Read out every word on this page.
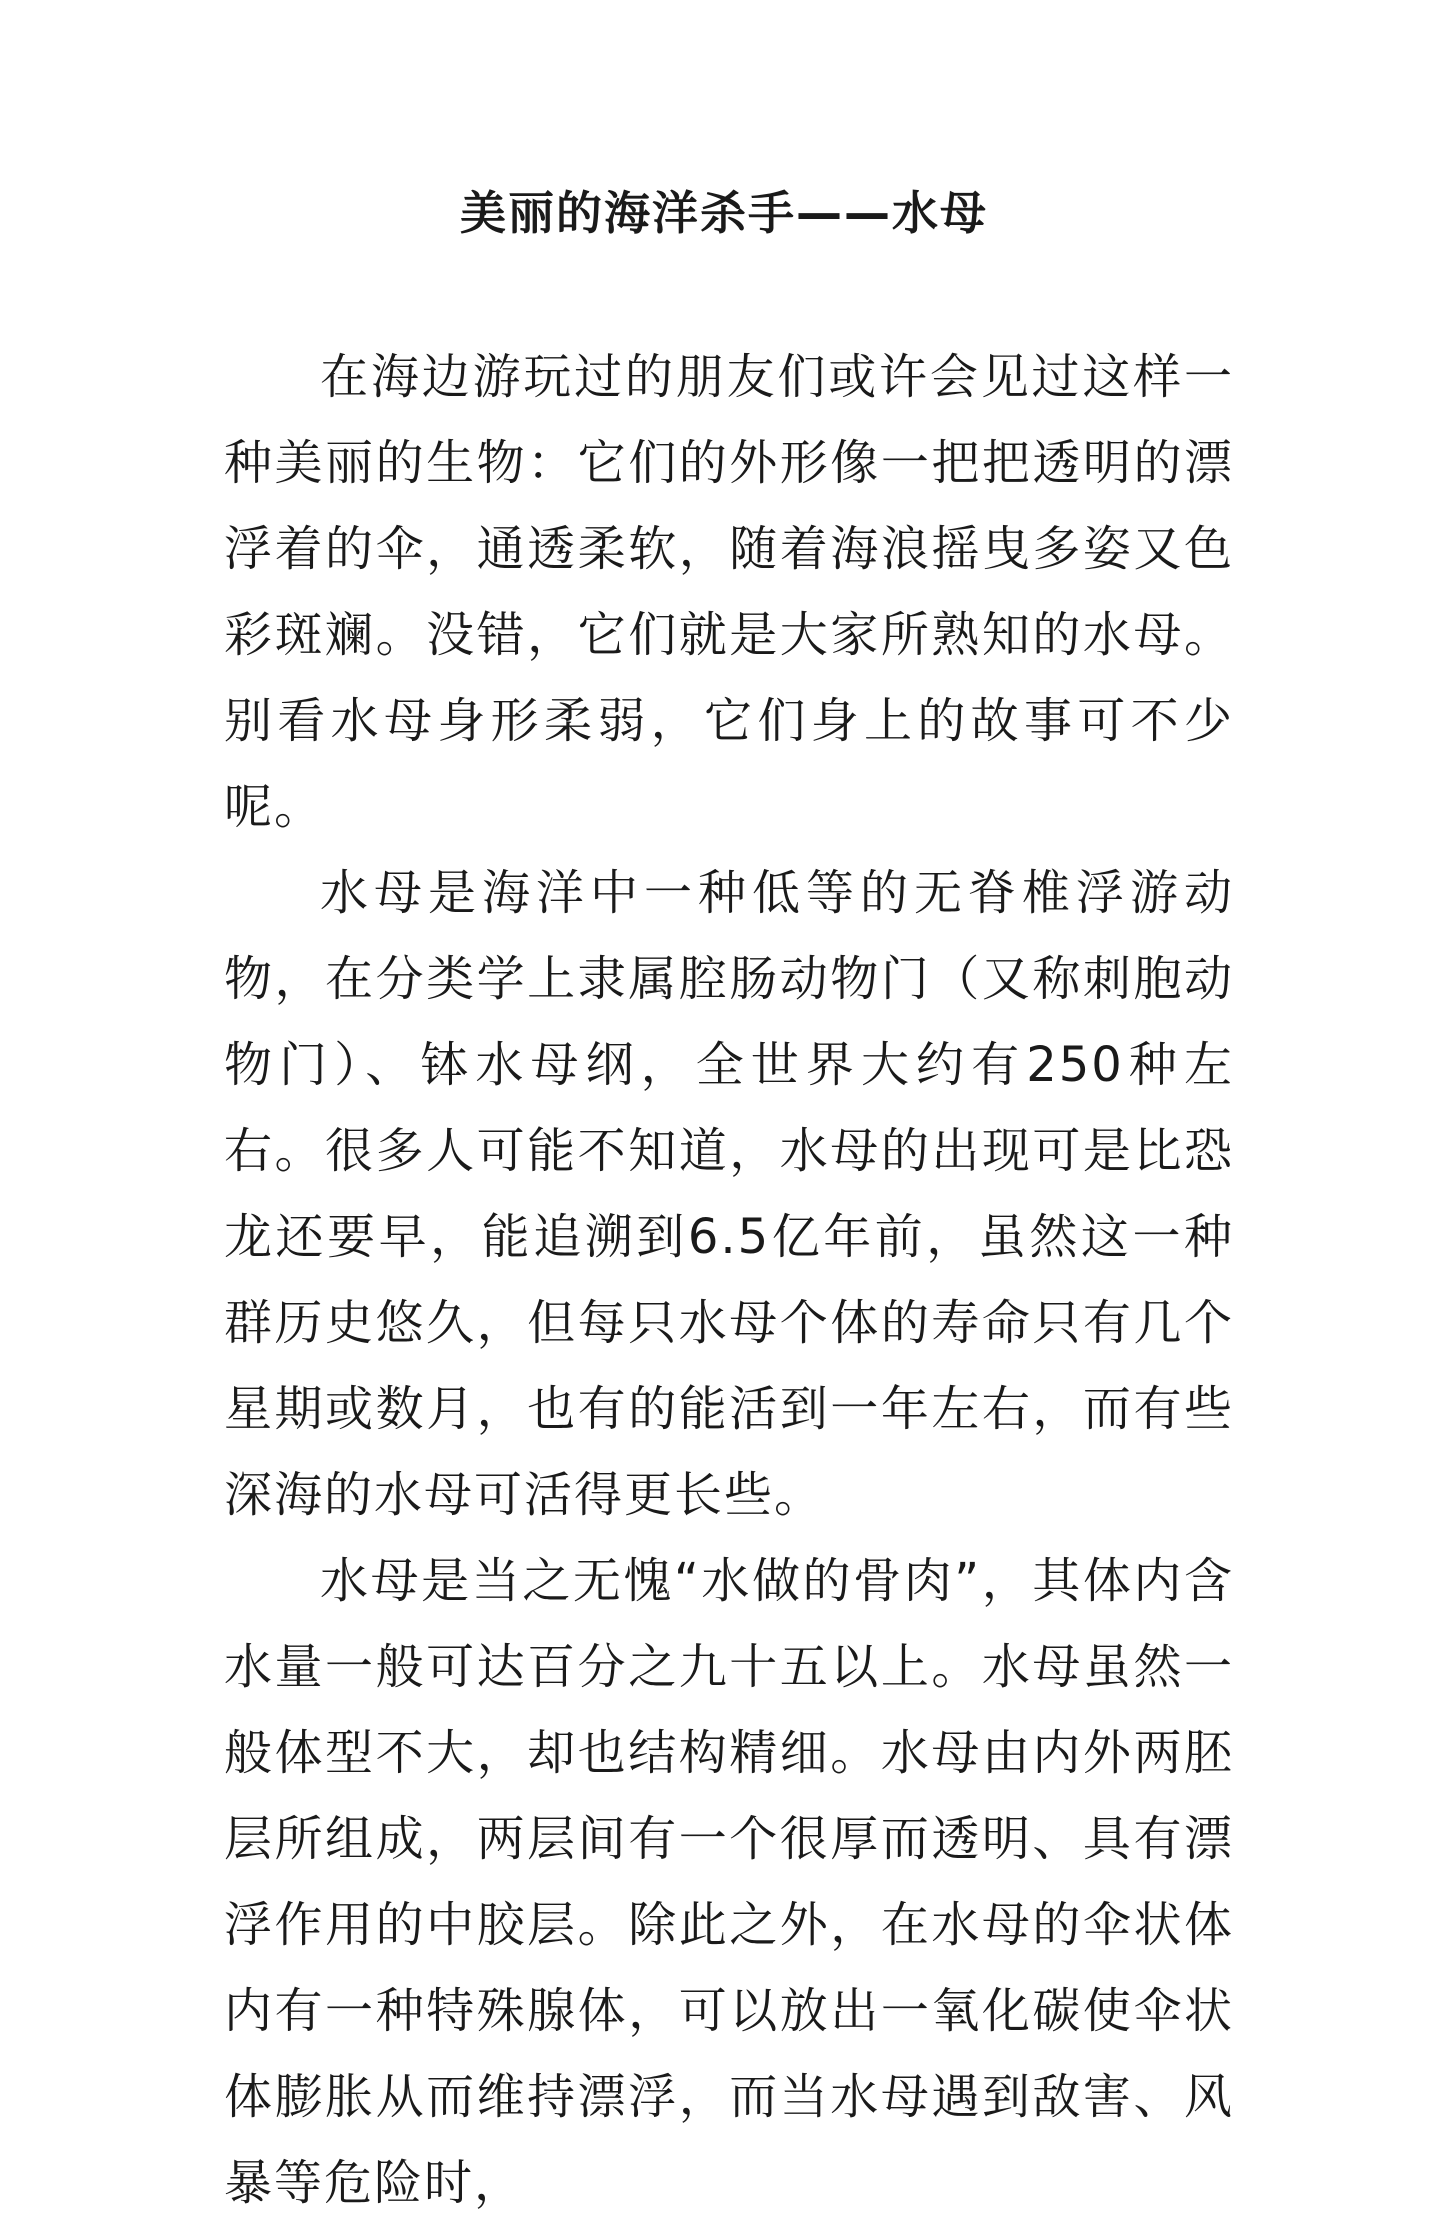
美丽的海洋杀手——水母

在海边游玩过的朋友们或许会见过这样一种美丽的生物：它们的外形像一把把透明的漂浮着的伞，通透柔软，随着海浪摇曳多姿又色彩斑斓。没错，它们就是大家所熟知的水母。别看水母身形柔弱，它们身上的故事可不少呢。

水母是海洋中一种低等的无脊椎浮游动物，在分类学上隶属腔肠动物门（又称刺胞动物门）、钵水母纲，全世界大约有250种左右。很多人可能不知道，水母的出现可是比恐龙还要早，能追溯到6.5亿年前，虽然这一种群历史悠久，但每只水母个体的寿命只有几个星期或数月，也有的能活到一年左右，而有些深海的水母可活得更长些。

水母是当之无愧“水做的骨肉”，其体内含水量一般可达百分之九十五以上。水母虽然一般体型不大，却也结构精细。水母由内外两胚层所组成，两层间有一个很厚而透明、具有漂浮作用的中胶层。除此之外，在水母的伞状体内有一种特殊腺体，可以放出一氧化碳使伞状体膨胀从而维持漂浮，而当水母遇到敌害、风暴等危险时，
